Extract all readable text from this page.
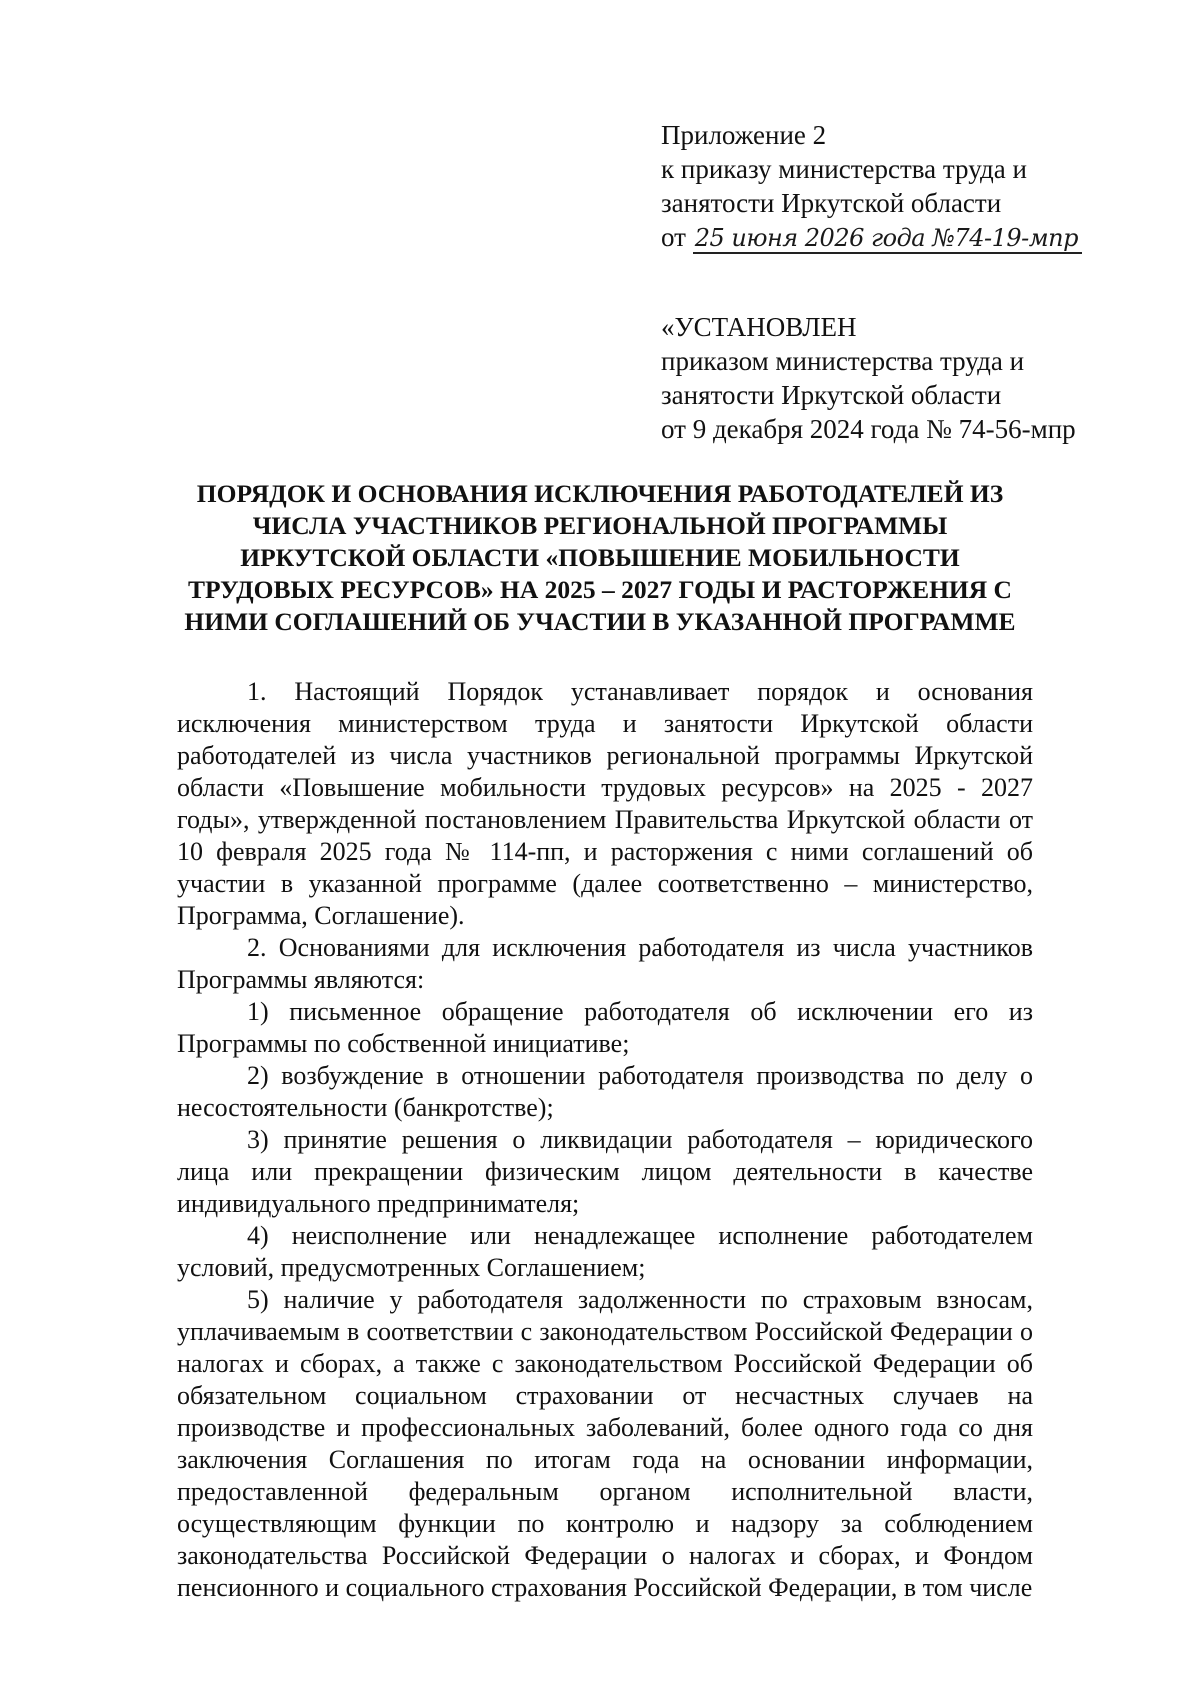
Приложение 2
к приказу министерства труда и
занятости Иркутской области
от 25 июня 2026 года №74-19-мпр
«УСТАНОВЛЕН
приказом министерства труда и
занятости Иркутской области
от 9 декабря 2024 года № 74-56-мпр
ПОРЯДОК И ОСНОВАНИЯ ИСКЛЮЧЕНИЯ РАБОТОДАТЕЛЕЙ ИЗ
ЧИСЛА УЧАСТНИКОВ РЕГИОНАЛЬНОЙ ПРОГРАММЫ
ИРКУТСКОЙ ОБЛАСТИ «ПОВЫШЕНИЕ МОБИЛЬНОСТИ
ТРУДОВЫХ РЕСУРСОВ» НА 2025 – 2027 ГОДЫ И РАСТОРЖЕНИЯ С
НИМИ СОГЛАШЕНИЙ ОБ УЧАСТИИ В УКАЗАННОЙ ПРОГРАММЕ

1. Настоящий Порядок устанавливает порядок и основания исключения министерством труда и занятости Иркутской области работодателей из числа участников региональной программы Иркутской области «Повышение мобильности трудовых ресурсов» на 2025 - 2027 годы», утвержденной постановлением Правительства Иркутской области от 10 февраля 2025 года № 114-пп, и расторжения с ними соглашений об участии в указанной программе (далее соответственно – министерство, Программа, Соглашение).

2. Основаниями для исключения работодателя из числа участников Программы являются:

1) письменное обращение работодателя об исключении его из Программы по собственной инициативе;

2) возбуждение в отношении работодателя производства по делу о несостоятельности (банкротстве);

3) принятие решения о ликвидации работодателя – юридического лица или прекращении физическим лицом деятельности в качестве индивидуального предпринимателя;

4) неисполнение или ненадлежащее исполнение работодателем условий, предусмотренных Соглашением;

5) наличие у работодателя задолженности по страховым взносам, уплачиваемым в соответствии с законодательством Российской Федерации о налогах и сборах, а также с законодательством Российской Федерации об обязательном социальном страховании от несчастных случаев на производстве и профессиональных заболеваний, более одного года со дня заключения Соглашения по итогам года на основании информации, предоставленной федеральным органом исполнительной власти, осуществляющим функции по контролю и надзору за соблюдением законодательства Российской Федерации о налогах и сборах, и Фондом пенсионного и социального страхования Российской Федерации, в том числе
